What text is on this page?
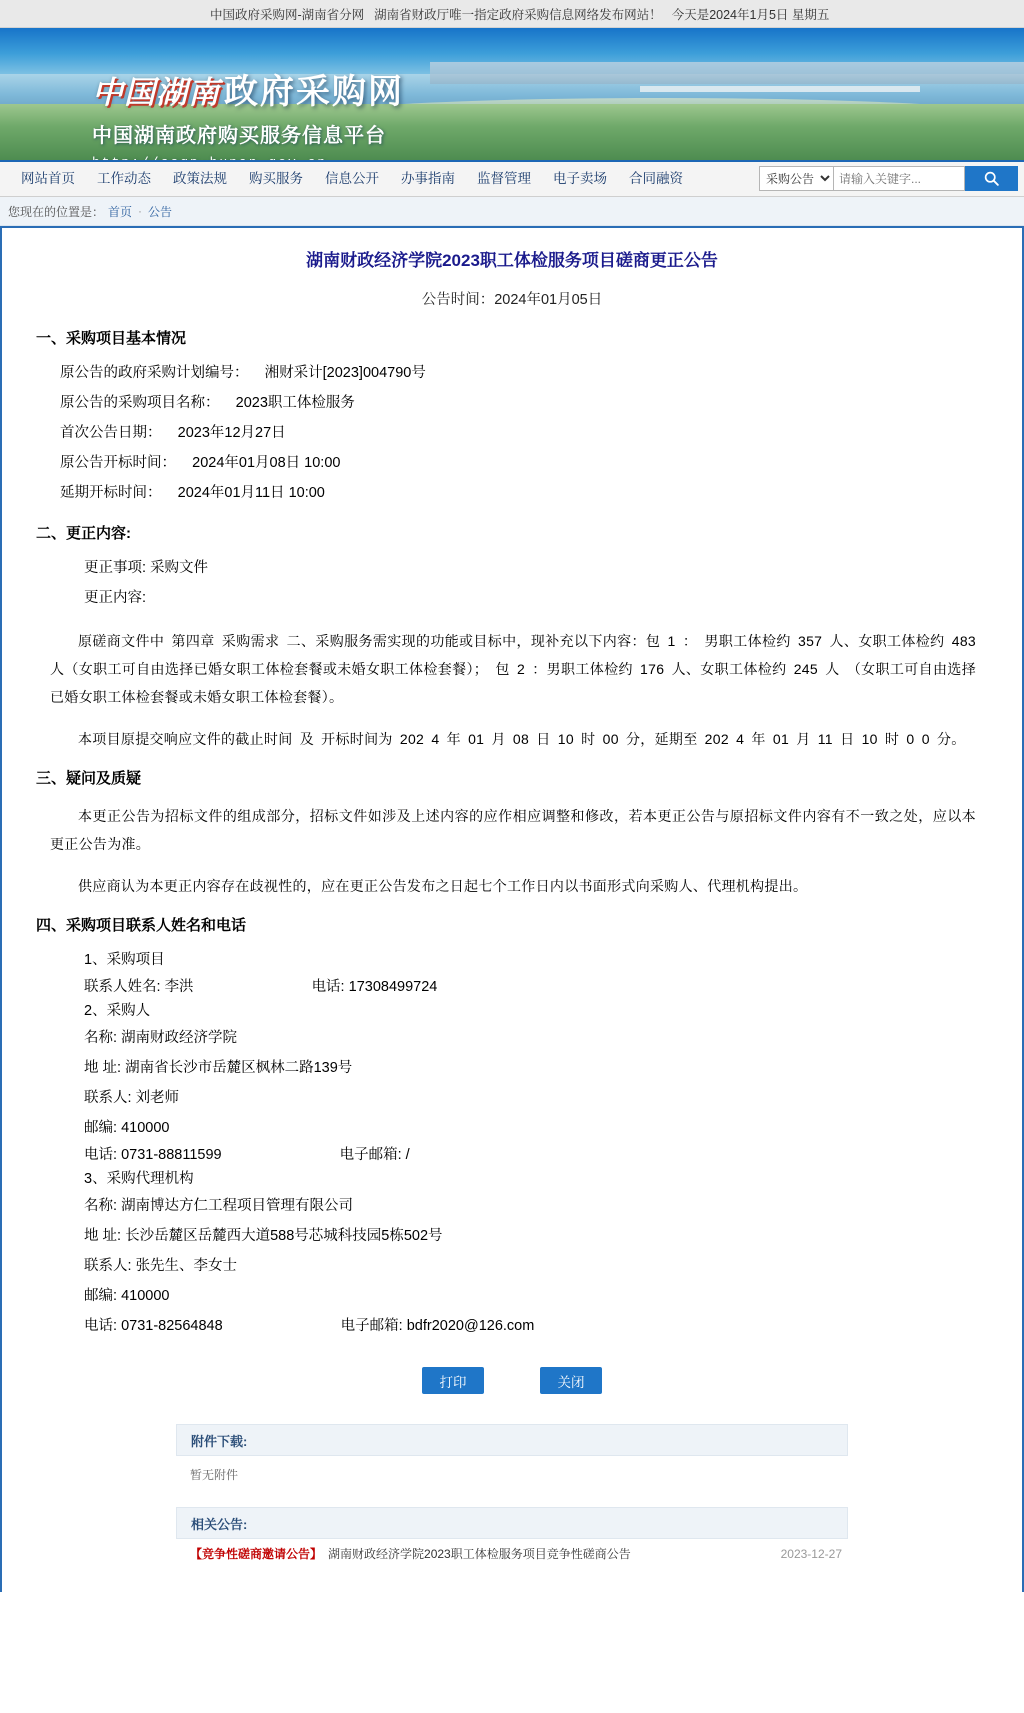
中国政府采购网-湖南省分网 湖南省财政厅唯一指定政府采购信息网络发布网站！ 今天是2024年1月5日 星期五
中国湖南 政府采购网
中国湖南政府购买服务信息平台
网站首页	工作动态	政策法规	购买服务	信息公开	办事指南	监督管理	电子卖场	合同融资
采购公告
请输入关键字...
您现在的位置是： 首页 · 公告
湖南财政经济学院2023职工体检服务项目磋商更正公告
公告时间：2024年01月05日
一、采购项目基本情况
原公告的政府采购计划编号： 湘财采计[2023]004790号
原公告的采购项目名称： 2023职工体检服务
首次公告日期： 2023年12月27日
原公告开标时间： 2024年01月08日 10:00
延期开标时间： 2024年01月11日 10:00
二、更正内容:
更正事项: 采购文件
更正内容:
原磋商文件中 第四章 采购需求 二、采购服务需实现的功能或目标中，现补充以下内容：包 1 ： 男职工体检约 357 人、女职工体检约 483 人（女职工可自由选择已婚女职工体检套餐或未婚女职工体检套餐）； 包 2 ：男职工体检约 176 人、女职工体检约 245 人 （女职工可自由选择已婚女职工体检套餐或未婚女职工体检套餐）。
本项目原提交响应文件的截止时间 及 开标时间为 202 4 年 01 月 08 日 10 时 00 分，延期至 202 4 年 01 月 11 日 10 时 0 0 分。
三、疑问及质疑
本更正公告为招标文件的组成部分，招标文件如涉及上述内容的应作相应调整和修改，若本更正公告与原招标文件内容有不一致之处，应以本更正公告为准。
供应商认为本更正内容存在歧视性的，应在更正公告发布之日起七个工作日内以书面形式向采购人、代理机构提出。
四、采购项目联系人姓名和电话
1、采购项目
联系人姓名:
李洪	电话:
17308499724
2、采购人
名称:
湖南财政经济学院
地 址:
湖南省长沙市岳麓区枫林二路139号
联系人:
刘老师
邮编:
410000
电话:
0731-88811599	电子邮箱:
/
3、采购代理机构
名称:
湖南博达方仁工程项目管理有限公司
地 址:
长沙岳麓区岳麓西大道588号芯城科技园5栋502号
联系人:
张先生、李女士
邮编:
410000
电话:
0731-82564848	电子邮箱:
bdfr2020@126.com
打印	关闭
附件下载:
暂无附件
相关公告:
【竞争性磋商邀请公告】 湖南财政经济学院2023职工体检服务项目竞争性磋商公告	2023-12-27
